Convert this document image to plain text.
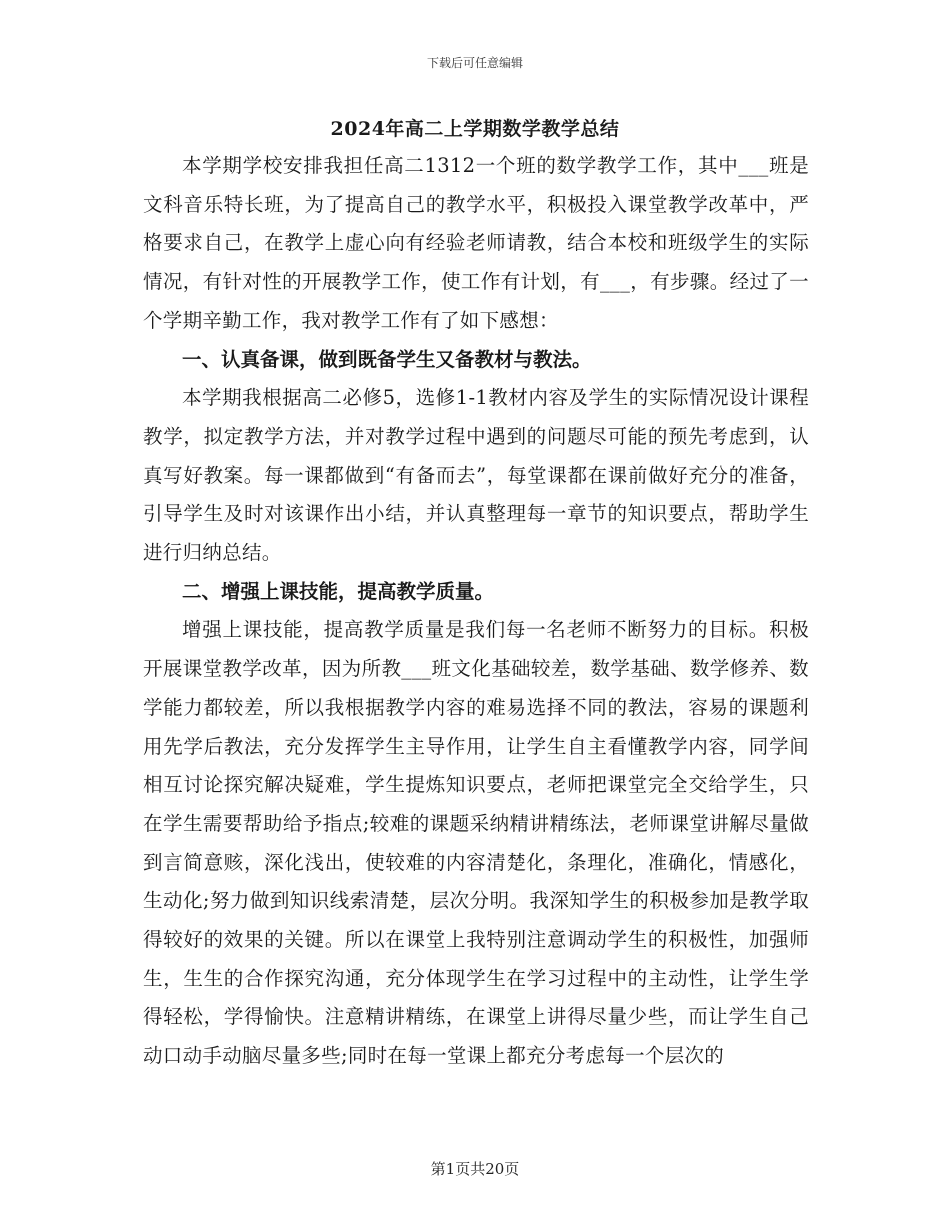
下载后可任意编辑
2024年高二上学期数学教学总结

本学期学校安排我担任高二1312一个班的数学教学工作，其中___班是文科音乐特长班，为了提高自己的教学水平，积极投入课堂教学改革中，严格要求自己，在教学上虚心向有经验老师请教，结合本校和班级学生的实际情况，有针对性的开展教学工作，使工作有计划，有___，有步骤。经过了一个学期辛勤工作，我对教学工作有了如下感想：

一、认真备课，做到既备学生又备教材与教法。

本学期我根据高二必修5，选修1-1教材内容及学生的实际情况设计课程教学，拟定教学方法，并对教学过程中遇到的问题尽可能的预先考虑到，认真写好教案。每一课都做到“有备而去”，每堂课都在课前做好充分的准备，引导学生及时对该课作出小结，并认真整理每一章节的知识要点，帮助学生进行归纳总结。

二、增强上课技能，提高教学质量。

增强上课技能，提高教学质量是我们每一名老师不断努力的目标。积极开展课堂教学改革，因为所教___班文化基础较差，数学基础、数学修养、数学能力都较差，所以我根据教学内容的难易选择不同的教法，容易的课题利用先学后教法，充分发挥学生主导作用，让学生自主看懂教学内容，同学间相互讨论探究解决疑难，学生提炼知识要点，老师把课堂完全交给学生，只在学生需要帮助给予指点;较难的课题采纳精讲精练法，老师课堂讲解尽量做到言简意赅，深化浅出，使较难的内容清楚化，条理化，准确化，情感化，生动化;努力做到知识线索清楚，层次分明。我深知学生的积极参加是教学取得较好的效果的关键。所以在课堂上我特别注意调动学生的积极性，加强师生，生生的合作探究沟通，充分体现学生在学习过程中的主动性，让学生学得轻松，学得愉快。注意精讲精练，在课堂上讲得尽量少些，而让学生自己动口动手动脑尽量多些;同时在每一堂课上都充分考虑每一个层次的

第1页共20页
